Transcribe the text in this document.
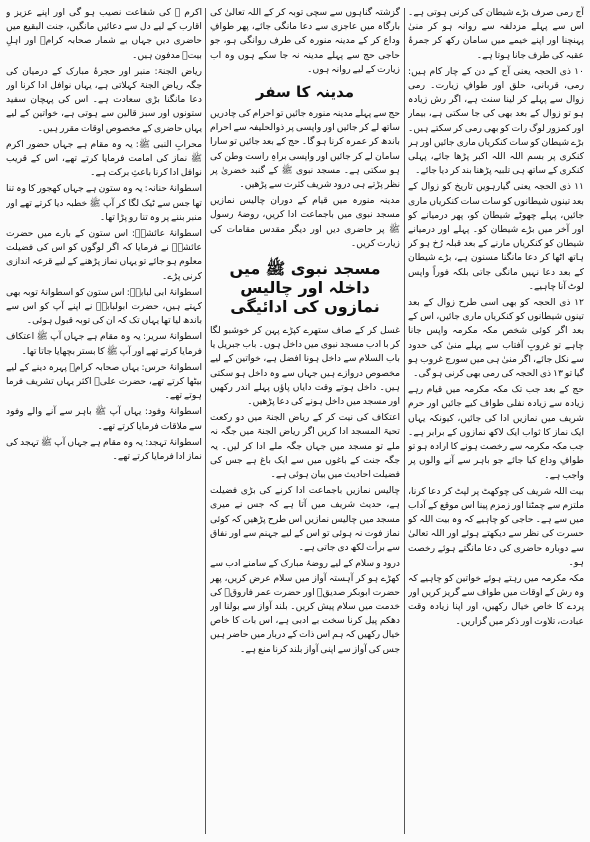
آج رمی صرف بڑے شیطان کی کرنی ہوتی ہے۔ اس سے پہلے مزدلفہ سے روانہ ہو کر منیٰ پہنچنا اور اپنے خیمے میں سامان رکھ کر جمرۂ عقبہ کی طرف جانا ہوتا ہے۔

۱۰ ذی الحجہ یعنی آج کے دن کے چار کام ہیں: رمی، قربانی، حلق اور طوافِ زیارت۔ رمی زوال سے پہلے کر لینا سنت ہے، اگر رش زیادہ ہو تو زوال کے بعد بھی کی جا سکتی ہے، بیمار اور کمزور لوگ رات کو بھی رمی کر سکتے ہیں۔ بڑے شیطان کو سات کنکریاں ماری جائیں اور ہر کنکری پر بسم اللہ اللہ اکبر پڑھا جائے، پہلی کنکری کے ساتھ ہی تلبیہ پڑھنا بند کر دیا جائے۔

۱۱ ذی الحجہ یعنی گیارہویں تاریخ کو زوال کے بعد تینوں شیطانوں کو سات سات کنکریاں ماری جائیں، پہلے چھوٹے شیطان کو، پھر درمیانے کو اور آخر میں بڑے شیطان کو۔ پہلے اور درمیانے شیطان کو کنکریاں مارنے کے بعد قبلہ رُخ ہو کر ہاتھ اٹھا کر دعا مانگنا مسنون ہے، بڑے شیطان کے بعد دعا نہیں مانگی جاتی بلکہ فوراً واپس لوٹ آنا چاہیے۔

۱۲ ذی الحجہ کو بھی اسی طرح زوال کے بعد تینوں شیطانوں کو کنکریاں ماری جائیں، اس کے بعد اگر کوئی شخص مکہ مکرمہ واپس جانا چاہے تو غروبِ آفتاب سے پہلے منیٰ کی حدود سے نکل جائے، اگر منیٰ ہی میں سورج غروب ہو گیا تو ۱۳ ذی الحجہ کی رمی بھی کرنی ہو گی۔

حج کے بعد جب تک مکہ مکرمہ میں قیام رہے زیادہ سے زیادہ نفلی طواف کیے جائیں اور حرم شریف میں نمازیں ادا کی جائیں، کیونکہ یہاں ایک نماز کا ثواب ایک لاکھ نمازوں کے برابر ہے۔ جب مکہ مکرمہ سے رخصت ہونے کا ارادہ ہو تو طوافِ وداع کیا جائے جو باہر سے آنے والوں پر واجب ہے۔

بیت اللہ شریف کی چوکھٹ پر لپٹ کر دعا کرنا، ملتزم سے چمٹنا اور زمزم پینا اس موقع کے آداب میں سے ہے۔ حاجی کو چاہیے کہ وہ بیت اللہ کو حسرت کی نظر سے دیکھتے ہوئے اور اللہ تعالیٰ سے دوبارہ حاضری کی دعا مانگتے ہوئے رخصت ہو۔

مکہ مکرمہ میں رہتے ہوئے خواتین کو چاہیے کہ وہ رش کے اوقات میں طواف سے گریز کریں اور پردے کا خاص خیال رکھیں، اور اپنا زیادہ وقت عبادت، تلاوت اور ذکر میں گزاریں۔

گزشتہ گناہوں سے سچی توبہ کر کے اللہ تعالیٰ کی بارگاہ میں عاجزی سے دعا مانگی جائے، پھر طوافِ وداع کر کے مدینہ منورہ کی طرف روانگی ہو، جو حاجی حج سے پہلے مدینہ نہ جا سکے ہوں وہ اب زیارت کے لیے روانہ ہوں۔

مدینہ کا سفر

حج سے پہلے مدینہ منورہ جائیں تو احرام کی چادریں ساتھ لے کر جائیں اور واپسی پر ذوالحلیفہ سے احرام باندھ کر عمرہ کرنا ہو گا۔ حج کے بعد جائیں تو سارا سامان لے کر جائیں اور واپسی براہِ راست وطن کی ہو سکتی ہے۔ مسجد نبوی ﷺ کے گنبد خضریٰ پر نظر پڑتے ہی درود شریف کثرت سے پڑھیں۔

مدینہ منورہ میں قیام کے دوران چالیس نمازیں مسجد نبوی میں باجماعت ادا کریں، روضۂ رسول ﷺ پر حاضری دیں اور دیگر مقدس مقامات کی زیارت کریں۔

مسجد نبوی ﷺ میں داخلہ اور چالیس نمازوں کی ادائیگی

غسل کر کے صاف ستھرے کپڑے پہن کر خوشبو لگا کر با ادب مسجد نبوی میں داخل ہوں۔ باب جبریل یا باب السلام سے داخل ہونا افضل ہے، خواتین کے لیے مخصوص دروازے ہیں جہاں سے وہ داخل ہو سکتی ہیں۔ داخل ہوتے وقت دایاں پاؤں پہلے اندر رکھیں اور مسجد میں داخل ہونے کی دعا پڑھیں۔

اعتکاف کی نیت کر کے ریاض الجنۃ میں دو رکعت تحیۃ المسجد ادا کریں اگر ریاض الجنۃ میں جگہ نہ ملے تو مسجد میں جہاں جگہ ملے ادا کر لیں۔ یہ جگہ جنت کے باغوں میں سے ایک باغ ہے جس کی فضیلت احادیث میں بیان ہوئی ہے۔

چالیس نمازیں باجماعت ادا کرنے کی بڑی فضیلت ہے، حدیث شریف میں آتا ہے کہ جس نے میری مسجد میں چالیس نمازیں اس طرح پڑھیں کہ کوئی نماز فوت نہ ہوئی تو اس کے لیے جہنم سے اور نفاق سے برأت لکھ دی جاتی ہے۔

درود و سلام کے لیے روضۂ مبارک کے سامنے ادب سے کھڑے ہو کر آہستہ آواز میں سلام عرض کریں، پھر حضرت ابوبکر صدیقؓ اور حضرت عمر فاروقؓ کی خدمت میں سلام پیش کریں۔ بلند آواز سے بولنا اور دھکم پیل کرنا سخت بے ادبی ہے، اس بات کا خاص خیال رکھیں کہ ہم اس ذات کے دربار میں حاضر ہیں جس کی آواز سے اپنی آواز بلند کرنا منع ہے۔

اکرم ﷺ کی شفاعت نصیب ہو گی اور اپنے عزیز و اقارب کے لیے دل سے دعائیں مانگیں، جنت البقیع میں حاضری دیں جہاں بے شمار صحابہ کرامؓ اور اہلِ بیتؓ مدفون ہیں۔

ریاض الجنۃ: منبر اور حجرۂ مبارک کے درمیان کی جگہ ریاض الجنۃ کہلاتی ہے، یہاں نوافل ادا کرنا اور دعا مانگنا بڑی سعادت ہے۔ اس کی پہچان سفید ستونوں اور سبز قالین سے ہوتی ہے، خواتین کے لیے یہاں حاضری کے مخصوص اوقات مقرر ہیں۔

محرابِ النبی ﷺ: یہ وہ مقام ہے جہاں حضور اکرم ﷺ نماز کی امامت فرمایا کرتے تھے، اس کے قریب نوافل ادا کرنا باعثِ برکت ہے۔

اسطوانۂ حنانہ: یہ وہ ستون ہے جہاں کھجور کا وہ تنا تھا جس سے ٹیک لگا کر آپ ﷺ خطبہ دیا کرتے تھے اور منبر بننے پر وہ تنا رو پڑا تھا۔

اسطوانۂ عائشہؓ: اس ستون کے بارے میں حضرت عائشہؓ نے فرمایا کہ اگر لوگوں کو اس کی فضیلت معلوم ہو جائے تو یہاں نماز پڑھنے کے لیے قرعہ اندازی کرنی پڑے۔

اسطوانۂ ابی لبابہؓ: اس ستون کو اسطوانۂ توبہ بھی کہتے ہیں، حضرت ابولبابہؓ نے اپنے آپ کو اس سے باندھ لیا تھا یہاں تک کہ ان کی توبہ قبول ہوئی۔

اسطوانۂ سریر: یہ وہ مقام ہے جہاں آپ ﷺ اعتکاف فرمایا کرتے تھے اور آپ ﷺ کا بستر بچھایا جاتا تھا۔

اسطوانۂ حرس: یہاں صحابہ کرامؓ پہرہ دینے کے لیے بیٹھا کرتے تھے، حضرت علیؓ اکثر یہاں تشریف فرما ہوتے تھے۔

اسطوانۂ وفود: یہاں آپ ﷺ باہر سے آنے والے وفود سے ملاقات فرمایا کرتے تھے۔

اسطوانۂ تہجد: یہ وہ مقام ہے جہاں آپ ﷺ تہجد کی نماز ادا فرمایا کرتے تھے۔
